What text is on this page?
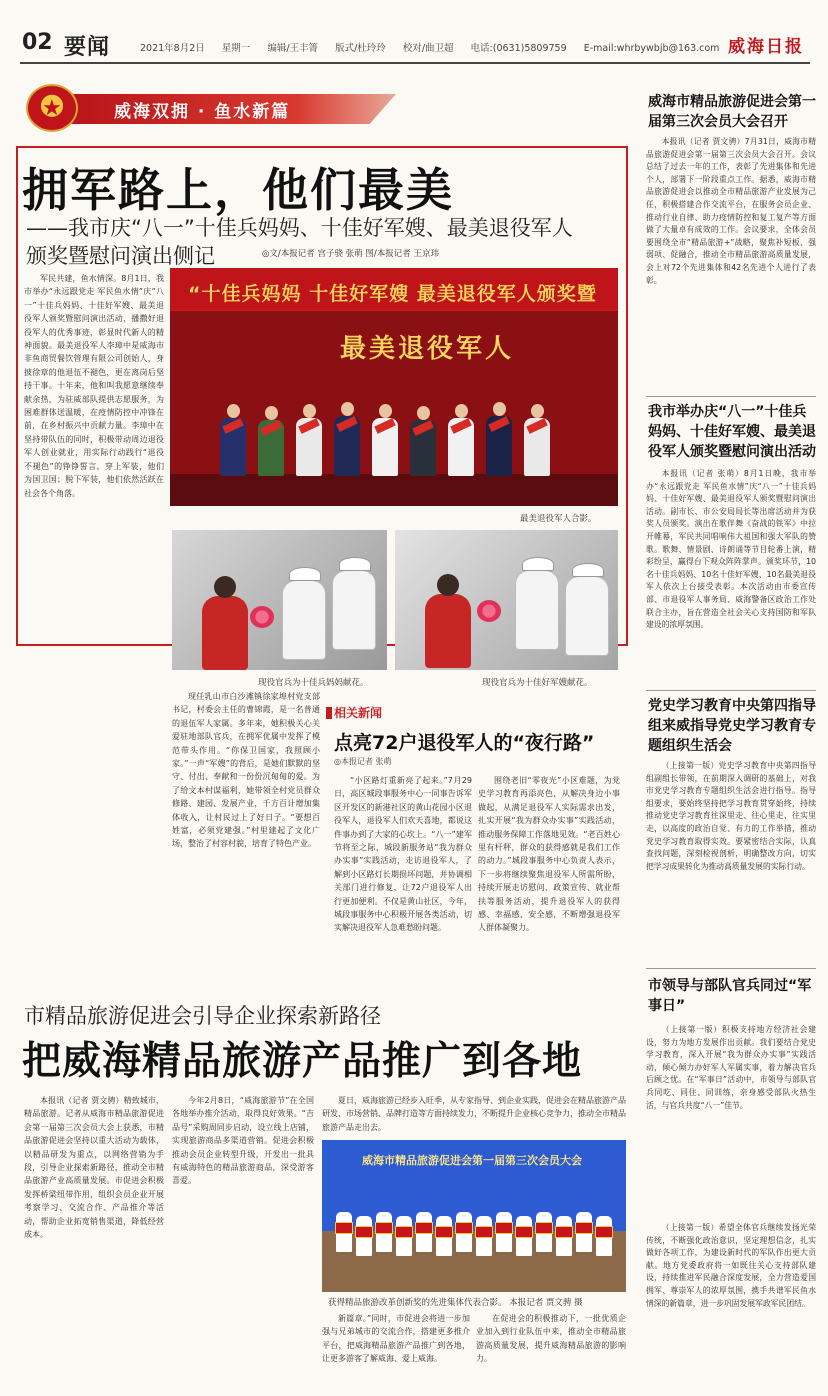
02 要闻	2021年8月2日 星期一 编辑/王丰箐 版式/杜玲玲 校对/曲卫超 电话:(0631)5809759 E-mail:whrbywbjb@163.com 威海日报
★	威海双拥 · 鱼水新篇
拥军路上，他们最美
——我市庆“八一”十佳兵妈妈、十佳好军嫂、最美退役军人
颁奖暨慰问演出侧记	◎文/本报记者 宫子骁 张萌 图/本报记者 王京玮
军民共建，鱼水情深。8月1日，我市举办“永远跟党走 军民鱼水情”庆“八一”十佳兵妈妈、十佳好军嫂、最美退役军人颁奖暨慰问演出活动，播撒好退役军人的优秀事迹，彰显时代新人的精神面貌。最美退役军人李璋中是威海市非鱼商贸餐饮管理有限公司创始人，身披徐章的他退伍不褪色，更在离岗后坚持干事。十年来，他和叫我愿意继续奉献余热，为驻威部队提供志愿服务，为困难群体送温暖，在疫情防控中冲锋在前，在乡村振兴中贡献力量。李璋中在坚持带队伍的同时，积极带动周边退役军人创业就业，用实际行动践行“退役不褪色”的铮铮誓言。穿上军装，他们为国卫国；脱下军装，他们依然活跃在社会各个角落。
“十佳兵妈妈 十佳好军嫂 最美退役军人颁奖暨
最美退役军人
最美退役军人合影。
现役官兵为十佳兵妈妈献花。	现役官兵为十佳好军嫂献花。
相关新闻
威海市精品旅游促进会第一届第三次会员大会召开
本报讯（记者 贾文骋）7月31日，威海市精品旅游促进会第一届第三次会员大会召开。会议总结了过去一年的工作，表彰了先进集体和先进个人，部署下一阶段重点工作。据悉，威海市精品旅游促进会以推动全市精品旅游产业发展为己任，积极搭建合作交流平台，在服务会员企业、推动行业自律、助力疫情防控和复工复产等方面做了大量卓有成效的工作。会议要求，全体会员要围绕全市“精品旅游+”战略，聚焦补短板、强弱项、促融合，推动全市精品旅游高质量发展，会上对72个先进集体和42名先进个人进行了表彰。
我市举办庆“八一”十佳兵妈妈、十佳好军嫂、最美退役军人颁奖暨慰问演出活动
本报讯（记者 张萌）8月1日晚，我市举办“永远跟党走 军民鱼水情”庆“八一”十佳兵妈妈、十佳好军嫂、最美退役军人颁奖暨慰问演出活动。副市长、市公安局局长等出席活动并为获奖人员颁奖。演出在歌伴舞《奋战的铁军》中拉开帷幕，军民共同唱响伟大祖国和强大军队的赞歌。歌舞、情景剧、诗朗诵等节目轮番上演，精彩纷呈，赢得台下观众阵阵掌声。颁奖环节，10名十佳兵妈妈、10名十佳好军嫂、10名最美退役军人依次上台接受表彰。本次活动由市委宣传部、市退役军人事务局、威海警备区政治工作处联合主办，旨在营造全社会关心支持国防和军队建设的浓厚氛围。
党史学习教育中央第四指导组来威指导党史学习教育专题组织生活会
（上接第一版）党史学习教育中央第四指导组副组长带领，在前期深入调研的基础上，对我市党史学习教育专题组织生活会进行指导。指导组要求，要始终坚持把学习教育贯穿始终，持续推动党史学习教育往深里走、往心里走、往实里走，以高度的政治自觉、有力的工作举措，推动党史学习教育取得实效。要紧密结合实际，认真查找问题，深刻检视剖析，明确整改方向，切实把学习成果转化为推动高质量发展的实际行动。
市领导与部队官兵同过“军事日”
（上接第一版）积极支持地方经济社会建设，努力为地方发展作出贡献。我们要结合党史学习教育，深入开展“我为群众办实事”实践活动，倾心倾力办好军人军属实事，着力解决官兵后顾之忧。在“军事日”活动中，市领导与部队官兵同吃、同住、同训练，亲身感受部队火热生活，与官兵共度“八一”佳节。
（上接第一版）希望全体官兵继续发扬光荣传统，不断强化政治意识，坚定理想信念，扎实做好各项工作，为建设新时代的军队作出更大贡献。地方党委政府将一如既往关心支持部队建设，持续推进军民融合深度发展，全力营造爱国拥军、尊崇军人的浓厚氛围，携手共谱军民鱼水情深的新篇章，进一步巩固发展军政军民团结。
点亮72户退役军人的“夜行路”
◎本报记者 张萌
“小区路灯重新亮了起来。”7月29日，高区城段事服务中心一同事告诉军区开发区的新港社区的黄山花园小区退役军人，退役军人们欢天喜地，都说这件事办到了大家的心坎上。“八一”建军节将至之际，城段新服务站“我为群众办实事”实践活动，走访退役军人，了解到小区路灯长期损坏问题，并协调相关部门进行修复，让72户退役军人出行更加便利。不仅是黄山社区，今年，城段事服务中心积极开展各类活动，切实解决退役军人急难愁盼问题。
围绕老旧“零夜光”小区难题，为党史学习教育再添亮色，从解决身边小事做起，从满足退役军人实际需求出发，扎实开展“我为群众办实事”实践活动，推动服务保障工作落地见效。“老百姓心里有杆秤，群众的获得感就是我们工作的动力。”城段事服务中心负责人表示，下一步将继续聚焦退役军人所需所盼，持续开展走访慰问、政策宣传、就业帮扶等服务活动，提升退役军人的获得感、幸福感、安全感，不断增强退役军人群体凝聚力。
现任乳山市白沙滩镇徐家埠村党支部书记，村委会主任的曹锦霞，是一名普通的退伍军人家属。多年来，她积极关心关爱驻地部队官兵，在拥军优属中发挥了模范带头作用。“你保卫国家，我照顾小家。”一声“军嫂”的背后，是她们默默的坚守、付出、奉献和一份份沉甸甸的爱。为了给文本村谋福利，她带领全村党员群众修路、建园、发展产业，千方百计增加集体收入，让村民过上了好日子。“要想百姓富，必须党建强。”村里建起了文化广场，整治了村容村貌，培育了特色产业。
市精品旅游促进会引导企业探索新路径
把威海精品旅游产品推广到各地
本报讯（记者 贾文骋）精致城市，精品旅游。记者从威海市精品旅游促进会第一届第三次会员大会上获悉，市精品旅游促进会坚持以重大活动为载体，以精品研发为重点，以网络营销为手段，引导企业探索新路径，推动全市精品旅游产业高质量发展。市促进会积极发挥桥梁纽带作用，组织会员企业开展考察学习、交流合作、产品推介等活动，帮助企业拓宽销售渠道，降低经营成本。
今年2月8日，“威海旅游节”在全国各地举办推介活动，取得良好效果。“吉品号”采购周同步启动，设立线上店铺，实现旅游商品多渠道营销。促进会积极推动会员企业转型升级，开发出一批具有威海特色的精品旅游商品，深受游客喜爱。
夏日，威海旅游已经步入旺季，从专家指导、到企业实践，促进会在精品旅游产品研发、市场营销、品牌打造等方面持续发力，不断提升企业核心竞争力，推动全市精品旅游产品走出去。
威海市精品旅游促进会第一届第三次会员大会
获得精品旅游改革创新奖的先进集体代表合影。 本报记者 贾文骋 摄
新篇章。”同时，市促进会将进一步加强与兄弟城市的交流合作，搭建更多推介平台，把威海精品旅游产品推广到各地，让更多游客了解威海、爱上威海。
在促进会的积极推动下，一批优质企业加入到行业队伍中来，推动全市精品旅游高质量发展，提升威海精品旅游的影响力。
